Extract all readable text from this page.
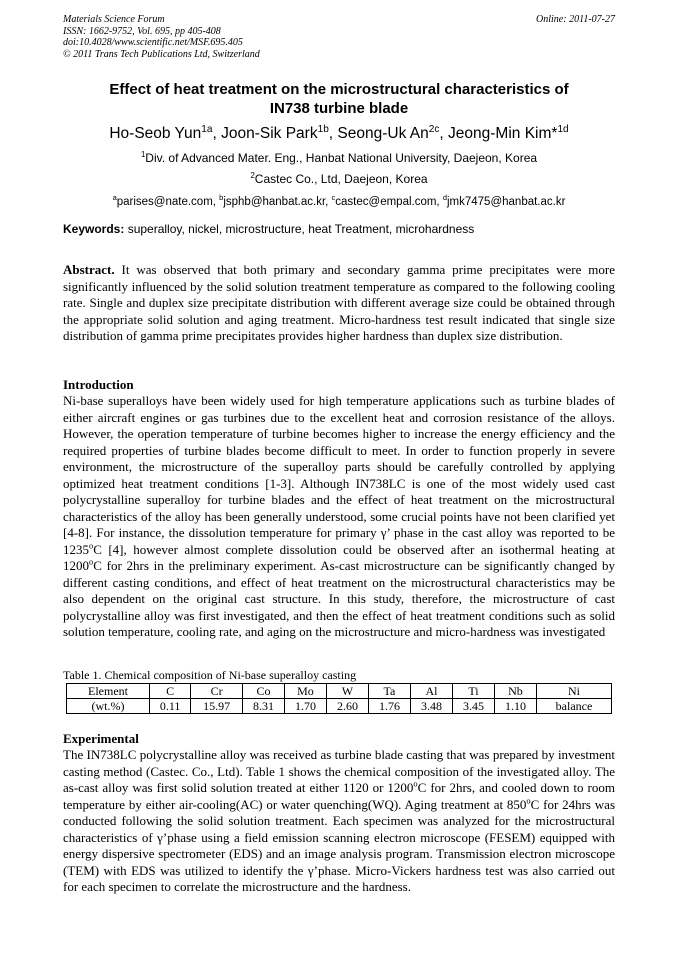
Materials Science Forum
ISSN: 1662-9752, Vol. 695, pp 405-408
doi:10.4028/www.scientific.net/MSF.695.405
© 2011 Trans Tech Publications Ltd, Switzerland
Online: 2011-07-27
Effect of heat treatment on the microstructural characteristics of
IN738 turbine blade
Ho-Seob Yun$^{1a}$, Joon-Sik Park$^{1b}$, Seong-Uk $An^{2c}$, Jeong-Min Kim*$^{1d}$
$^1$Div. of Advanced Mater. Eng., Hanbat National University, Daejeon, Korea
$^2$Castec Co., Ltd, Daejeon, Korea
$^a$parises@nate.com, $^b$jsphb@hanbat.ac.kr, $^c$castec@empal.com, $^d$jmk7475@hanbat.ac.kr
Keywords: superalloy, nickel, microstructure, heat Treatment, microhardness
Abstract. It was observed that both primary and secondary gamma prime precipitates were more significantly influenced by the solid solution treatment temperature as compared to the following cooling rate. Single and duplex size precipitate distribution with different average size could be obtained through the appropriate solid solution and aging treatment. Micro-hardness test result indicated that single size distribution of gamma prime precipitates provides higher hardness than duplex size distribution.
Introduction
Ni-base superalloys have been widely used for high temperature applications such as turbine blades of either aircraft engines or gas turbines due to the excellent heat and corrosion resistance of the alloys. However, the operation temperature of turbine becomes higher to increase the energy efficiency and the required properties of turbine blades become difficult to meet. In order to function properly in severe environment, the microstructure of the superalloy parts should be carefully controlled by applying optimized heat treatment conditions [1-3]. Although IN738LC is one of the most widely used cast polycrystalline superalloy for turbine blades and the effect of heat treatment on the microstructural characteristics of the alloy has been generally understood, some crucial points have not been clarified yet [4-8]. For instance, the dissolution temperature for primary γ’ phase in the cast alloy was reported to be 1235$^o$C [4], however almost complete dissolution could be observed after an isothermal heating at 1200$^o$C for 2hrs in the preliminary experiment. As-cast microstructure can be significantly changed by different casting conditions, and effect of heat treatment on the microstructural characteristics may be also dependent on the original cast structure. In this study, therefore, the microstructure of cast polycrystalline alloy was first investigated, and then the effect of heat treatment conditions such as solid solution temperature, cooling rate, and aging on the microstructure and micro-hardness was investigated
Table 1. Chemical composition of Ni-base superalloy casting
Element	C	Cr	Co	Mo	W	Ta	Al	Ti	Nb	Ni
(wt.%)	0.11	15.97	8.31	1.70	2.60	1.76	3.48	3.45	1.10	balance
Experimental
The IN738LC polycrystalline alloy was received as turbine blade casting that was prepared by investment casting method (Castec. Co., Ltd). Table 1 shows the chemical composition of the investigated alloy. The as-cast alloy was first solid solution treated at either 1120 or 1200$^o$C for 2hrs, and cooled down to room temperature by either air-cooling(AC) or water quenching(WQ). Aging treatment at 850$^o$C for 24hrs was conducted following the solid solution treatment. Each specimen was analyzed for the microstructural characteristics of γ’phase using a field emission scanning electron microscope (FESEM) equipped with energy dispersive spectrometer (EDS) and an image analysis program. Transmission electron microscope (TEM) with EDS was utilized to identify the γ’phase. Micro-Vickers hardness test was also carried out for each specimen to correlate the microstructure and the hardness.
